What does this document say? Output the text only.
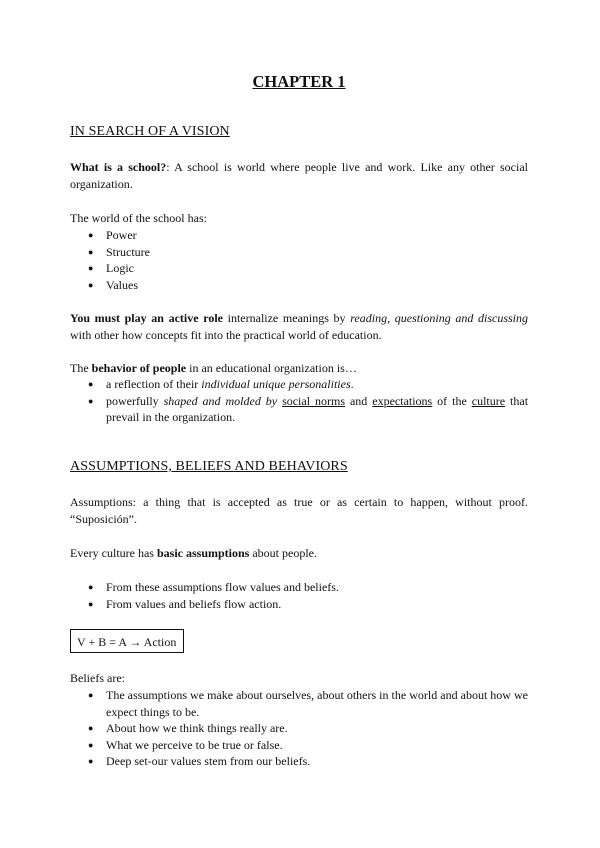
CHAPTER 1
IN SEARCH OF A VISION

What is a school?: A school is world where people live and work. Like any other social organization.

The world of the school has:

● Power
● Structure
● Logic
● Values

You must play an active role internalize meanings by reading, questioning and discussing with other how concepts fit into the practical world of education.

The behavior of people in an educational organization is…

● a reflection of their individual unique personalities.
● powerfully shaped and molded by social norms and expectations of the culture that prevail in the organization.
ASSUMPTIONS, BELIEFS AND BEHAVIORS

Assumptions: a thing that is accepted as true or as certain to happen, without proof. “Suposición”.

Every culture has basic assumptions about people.

● From these assumptions flow values and beliefs.
● From values and beliefs flow action.
V + B = A → Action

Beliefs are:

● The assumptions we make about ourselves, about others in the world and about how we expect things to be.
● About how we think things really are.
● What we perceive to be true or false.
● Deep set-our values stem from our beliefs.
